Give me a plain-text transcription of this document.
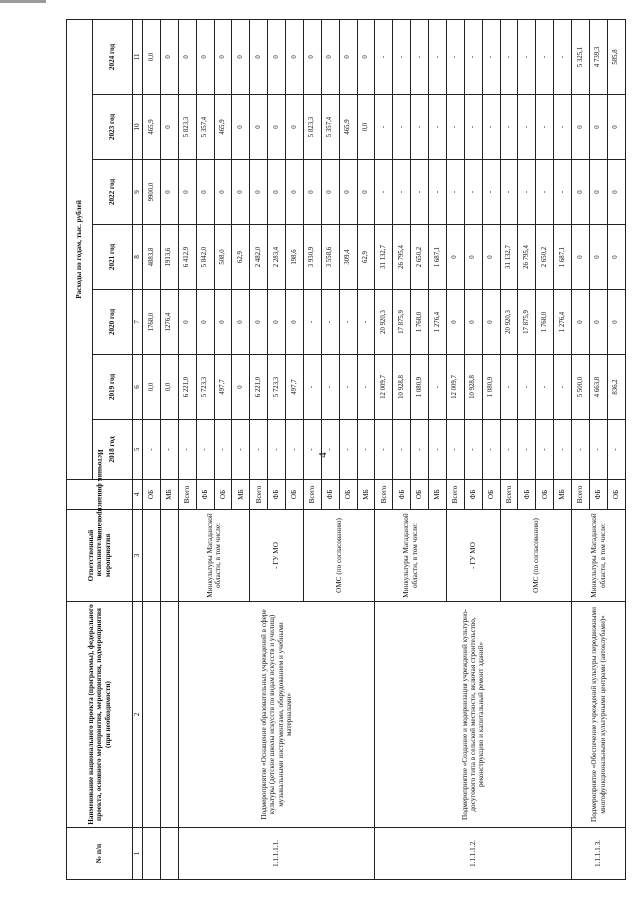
4
№ п/п	Наименование национального проекта (программы), федерального проекта, основного мероприятия, мероприятия, подмероприятия (при необходимости)	Ответственный исполнитель мероприятия	Источник финансирования	Расходы по годам, тыс. рублей						
				2018 год	2019 год	2020 год	2021 год	2022 год	2023 год	2024 год
1	2	3	4	5	6	7	8	9	10	11
			ОБ	-	0,0	1768,0	4883,8	9900,0	465,9	0,0
			МБ	-	0,0	1276,4	1913,6	0	0	0
1.1.1.1.1.	Подмероприятие «Оснащение образовательных учреждений в сфере культуры (детские школы искусств по видам искусств и училищ) музыкальными инструментами, оборудованием и учебными материалами»	Минкультуры Магаданской области, в том числе:	Всего	-	6 221,0	0	6 412,9	0	5 823,3	0
			ФБ	-	5 723,3	0	5 842,0	0	5 357,4	0
			ОБ	-	497,7	0	508,0	0	465,9	0
			МБ	-	0	0	62,9	0	0	0
		- ГУ МО	Всего	-	6 221,0	0	2 482,0	0	0	0
			ФБ	-	5 723,3	0	2 283,4	0	0	0
			ОБ	-	497,7	0	198,6	0	0	0
		ОМС (по согласованию)	Всего	-	-	-	3 930,9	0	5 823,3	0
			ФБ	-	-	-	3 558,6	0	5 357,4	0
			ОБ	-	-	-	309,4	0	465,9	0
			МБ	-	-	-	62,9	0	0,0	0
1.1.1.1.2.	Подмероприятие «Создание и модернизация учреждений культурно-досугового типа в сельской местности, включая строительство, реконструкцию и капитальный ремонт зданий»	Минкультуры Магаданской области, в том числе:	Всего	-	12 009,7	20 920,3	31 132,7	-	-	-
			ФБ	-	10 928,8	17 875,9	26 795,4	-	-	-
			ОБ	-	1 080,9	1 768,0	2 650,2	-	-	-
			МБ	-	-	1 276,4	1 687,1	-	-	-
		- ГУ МО	Всего	-	12 009,7	0	0	-	-	-
			ФБ	-	10 928,8	0	0	-	-	-
			ОБ	-	1 080,9	0	0	-	-	-
		ОМС (по согласованию)	Всего	-	-	20 920,3	31 132,7	-	-	-
			ФБ	-	-	17 875,9	26 795,4	-	-	-
			ОБ	-	-	1 768,0	2 650,2	-	-	-
			МБ	-	-	1 276,4	1 687,1	-	-	-
1.1.1.1.3.	Подмероприятие «Обеспечение учреждений культуры передвижными многофункциональными культурными центрами (автоклубами)»	Минкультуры Магаданской области, в том числе:	Всего	-	5 500,0	0	0	0	0	5 325,1
			ФБ	-	4 663,8	0	0	0	0	4 739,3
			ОБ	-	836,2	0	0	0	0	585,8
